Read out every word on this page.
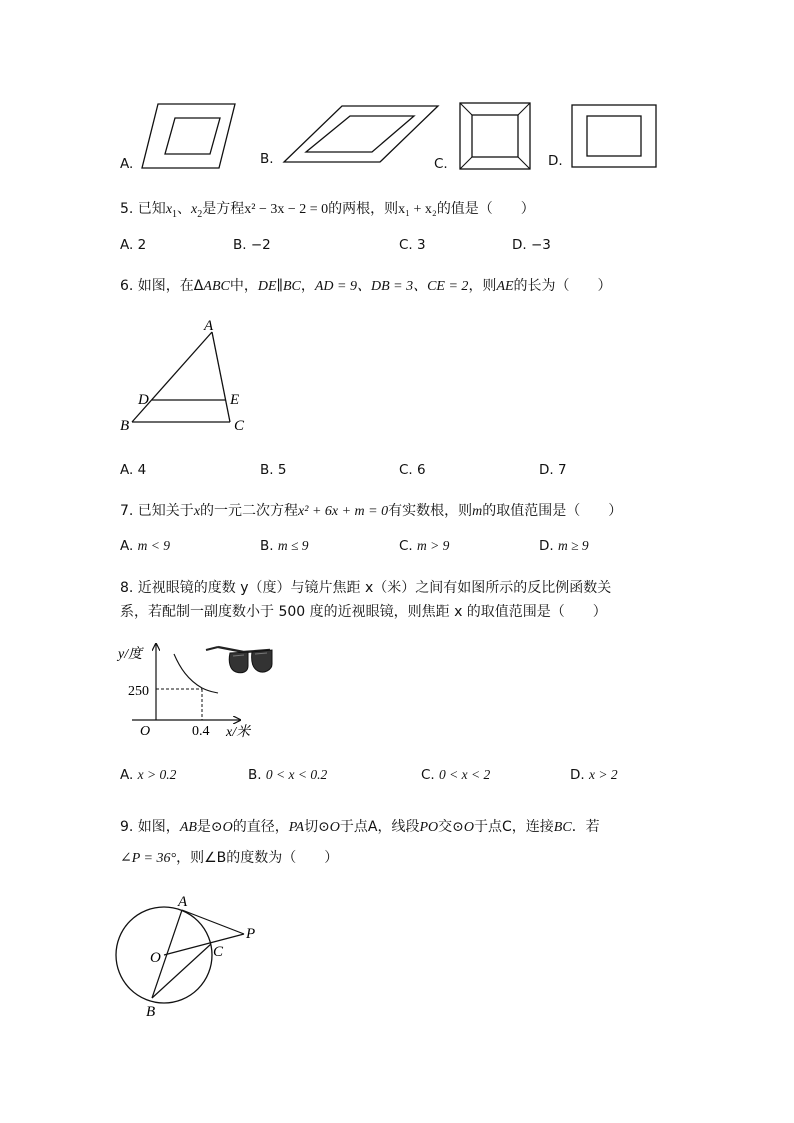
A.	B.	C.	D.
5. 已知$x_1$、$x_2$是方程x² − 3x − 2 = 0的两根，则x₁ + x₂的值是（　　）
A. 2	B. −2	C. 3	D. −3
6. 如图，在ΔABC中，DE∥BC，AD = 9、DB = 3、CE = 2，则AE的长为（　　）
A
D	E
B	C
A. 4	B. 5	C. 6	D. 7
7. 已知关于x的一元二次方程x² + 6x + m = 0有实数根，则m的取值范围是（　　）
A. m < 9	B. m ≤ 9	C. m > 9	D. m ≥ 9
8. 近视眼镜的度数 y（度）与镜片焦距 x（米）之间有如图所示的反比例函数关
系，若配制一副度数小于 500 度的近视眼镜，则焦距 x 的取值范围是（　　）
y/度
250
O	0.4 x/米
A. x > 0.2	B. 0 < x < 0.2	C. 0 < x < 2	D. x > 2
9. 如图，AB是⊙O的直径，PA切⊙O于点A，线段PO交⊙O于点C，连接BC．若
∠P = 36°，则∠B的度数为（　　）
A
O	C
P
B
